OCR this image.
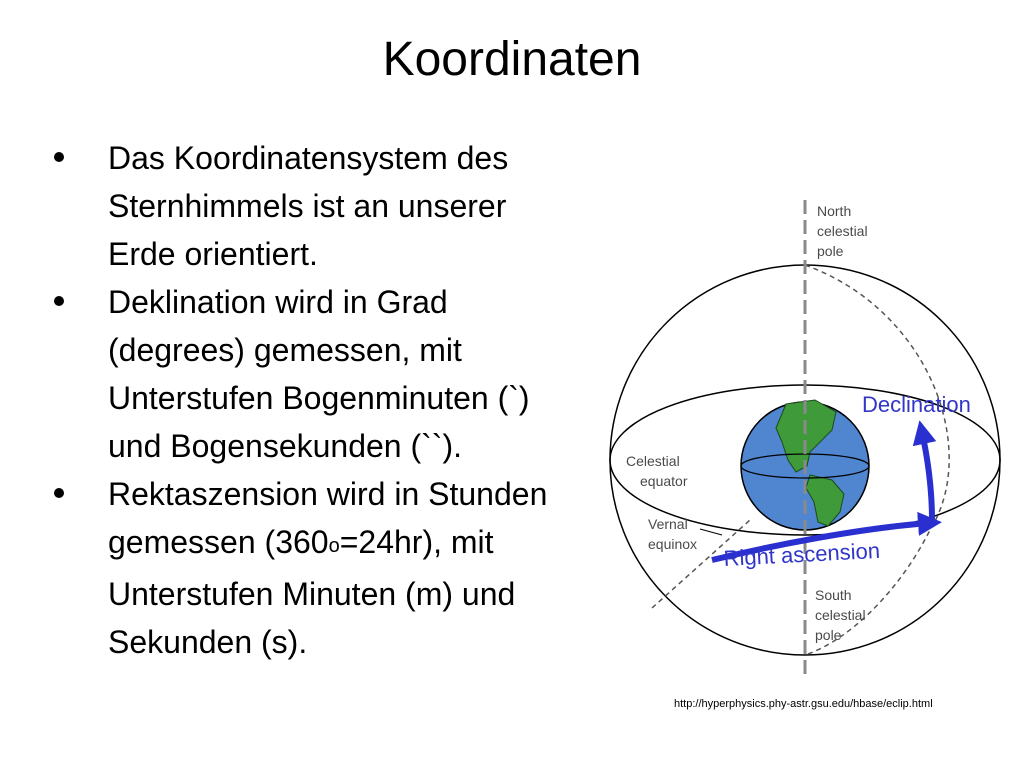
Koordinaten
Das Koordinatensystem des Sternhimmels ist an unserer Erde orientiert.
Deklination wird in Grad (degrees) gemessen, mit Unterstufen Bogenminuten (`) und Bogensekunden (``).
Rektaszension wird in Stunden gemessen $(360^o=24hr)$, mit Unterstufen Minuten (m) und Sekunden (s).
North celestial pole
Declination
Celestial equator
Vernal equinox Right ascension
South celestial pole
http://hyperphysics.phy-astr.gsu.edu/hbase/eclip.html
